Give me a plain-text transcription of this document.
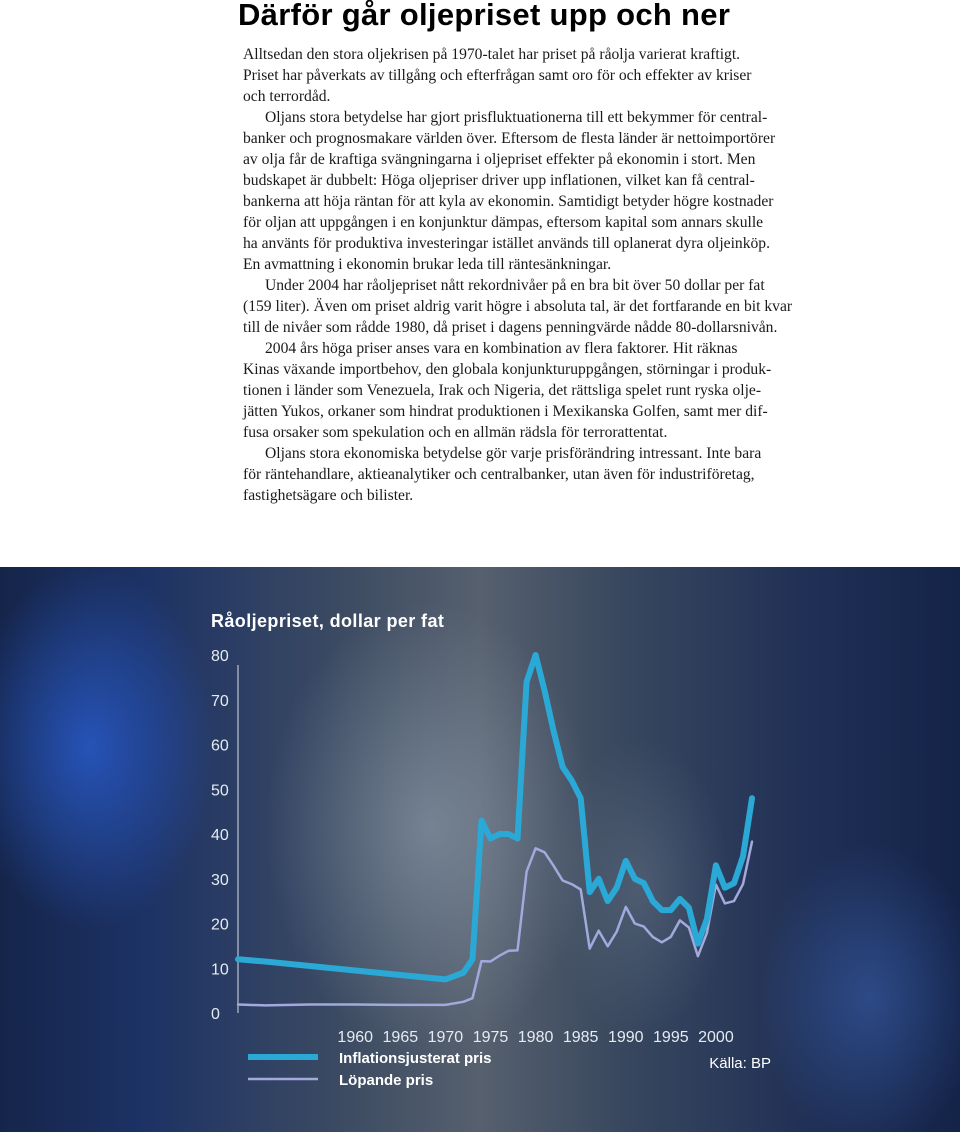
Därför går oljepriset upp och ner
Alltsedan den stora oljekrisen på 1970-talet har priset på råolja varierat kraftigt.
Priset har påverkats av tillgång och efterfrågan samt oro för och effekter av kriser
och terrordåd.
Oljans stora betydelse har gjort prisfluktuationerna till ett bekymmer för central-
banker och prognosmakare världen över. Eftersom de flesta länder är nettoimportörer
av olja får de kraftiga svängningarna i oljepriset effekter på ekonomin i stort. Men
budskapet är dubbelt: Höga oljepriser driver upp inflationen, vilket kan få central-
bankerna att höja räntan för att kyla av ekonomin. Samtidigt betyder högre kostnader
för oljan att uppgången i en konjunktur dämpas, eftersom kapital som annars skulle
ha använts för produktiva investeringar istället används till oplanerat dyra oljeinköp.
En avmattning i ekonomin brukar leda till räntesänkningar.
Under 2004 har råoljepriset nått rekordnivåer på en bra bit över 50 dollar per fat
(159 liter). Även om priset aldrig varit högre i absoluta tal, är det fortfarande en bit kvar
till de nivåer som rådde 1980, då priset i dagens penningvärde nådde 80-dollarsnivån.
2004 års höga priser anses vara en kombination av flera faktorer. Hit räknas
Kinas växande importbehov, den globala konjunkturuppgången, störningar i produk-
tionen i länder som Venezuela, Irak och Nigeria, det rättsliga spelet runt ryska olje-
jätten Yukos, orkaner som hindrat produktionen i Mexikanska Golfen, samt mer dif-
fusa orsaker som spekulation och en allmän rädsla för terrorattentat.
Oljans stora ekonomiska betydelse gör varje prisförändring intressant. Inte bara
för räntehandlare, aktieanalytiker och centralbanker, utan även för industriföretag,
fastighetsägare och bilister.
Råoljepriset, dollar per fat
0
10
20
30
40
50
60
70
80
1960 1965 1970 1975 1980 1985 1990 1995 2000
Inflationsjusterat pris
Löpande pris
Källa: BP
